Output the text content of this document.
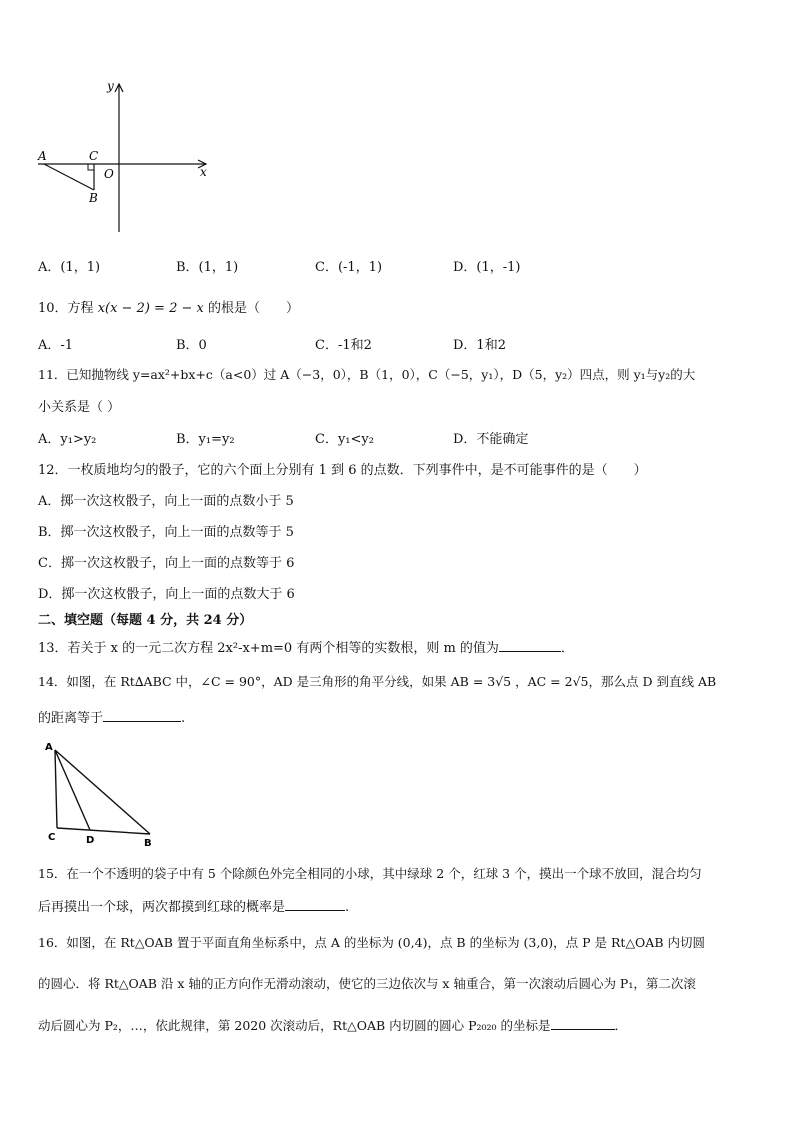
y
x
A	C
O
B
A．(1，1)	B．(1，1)	C．(-1，1)	D．(1，-1)
10．方程 x(x − 2) = 2 − x 的根是（　　）
A．-1	B．0	C．-1和2	D．1和2
11．已知抛物线 y=ax²+bx+c（a<0）过 A（−3，0），B（1，0），C（−5，y₁），D（5，y₂）四点，则 y₁与y₂的大
小关系是（ ）
A．y₁>y₂	B．y₁=y₂	C．y₁<y₂	D．不能确定
12．一枚质地均匀的骰子，它的六个面上分别有 1 到 6 的点数．下列事件中，是不可能事件的是（　　）
A．掷一次这枚骰子，向上一面的点数小于 5
B．掷一次这枚骰子，向上一面的点数等于 5
C．掷一次这枚骰子，向上一面的点数等于 6
D．掷一次这枚骰子，向上一面的点数大于 6
二、填空题（每题 4 分，共 24 分）
13．若关于 x 的一元二次方程 2x²-x+m=0 有两个相等的实数根，则 m 的值为	．
14．如图，在 Rt∆ABC 中，∠C = 90°，AD 是三角形的角平分线，如果 AB = 3√5 ，AC = 2√5，那么点 D 到直线 AB
的距离等于	.
A
C	D	B
15．在一个不透明的袋子中有 5 个除颜色外完全相同的小球，其中绿球 2 个，红球 3 个，摸出一个球不放回，混合均匀
后再摸出一个球，两次都摸到红球的概率是	.
16．如图，在 Rt△OAB 置于平面直角坐标系中，点 A 的坐标为 (0,4)，点 B 的坐标为 (3,0)，点 P 是 Rt△OAB 内切圆
的圆心．将 Rt△OAB 沿 x 轴的正方向作无滑动滚动，使它的三边依次与 x 轴重合，第一次滚动后圆心为 P₁，第二次滚
动后圆心为 P₂，…，依此规律，第 2020 次滚动后，Rt△OAB 内切圆的圆心 P₂₀₂₀ 的坐标是	．
